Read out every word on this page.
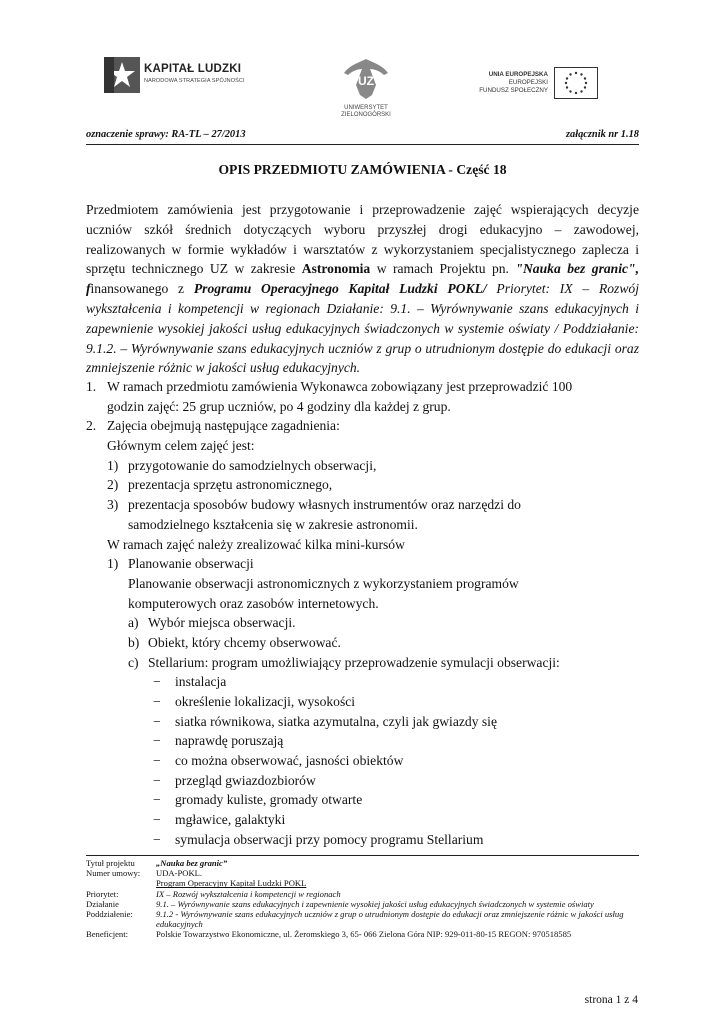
KAPITAŁ LUDZKI
NARODOWA STRATEGIA SPÓJNOŚCI	UZ
UNIWERSYTET
ZIELONOGÓRSKI
UNIA EUROPEJSKA
EUROPEJSKI
FUNDUSZ SPOŁECZNY
oznaczenie sprawy: RA-TL – 27/2013	załącznik nr 1.18
OPIS PRZEDMIOTU ZAMÓWIENIA - Część 18
Przedmiotem zamówienia jest przygotowanie i przeprowadzenie zajęć wspierających decyzje uczniów szkół średnich dotyczących wyboru przyszłej drogi edukacyjno – zawodowej, realizowanych w formie wykładów i warsztatów z wykorzystaniem specjalistycznego zaplecza i sprzętu technicznego UZ w zakresie Astronomia w ramach Projektu pn. "Nauka bez granic", finansowanego z Programu Operacyjnego Kapitał Ludzki POKL/ Priorytet: IX – Rozwój wykształcenia i kompetencji w regionach Działanie: 9.1. – Wyrównywanie szans edukacyjnych i zapewnienie wysokiej jakości usług edukacyjnych świadczonych w systemie oświaty / Poddziałanie: 9.1.2. – Wyrównywanie szans edukacyjnych uczniów z grup o utrudnionym dostępie do edukacji oraz zmniejszenie różnic w jakości usług edukacyjnych.
1. W ramach przedmiotu zamówienia Wykonawca zobowiązany jest przeprowadzić 100
godzin zajęć: 25 grup uczniów, po 4 godziny dla każdej z grup.
2. Zajęcia obejmują następujące zagadnienia:
Głównym celem zajęć jest:
1) przygotowanie do samodzielnych obserwacji,
2) prezentacja sprzętu astronomicznego,
3) prezentacja sposobów budowy własnych instrumentów oraz narzędzi do
samodzielnego kształcenia się w zakresie astronomii.
W ramach zajęć należy zrealizować kilka mini-kursów
1) Planowanie obserwacji
Planowanie obserwacji astronomicznych z wykorzystaniem programów
komputerowych oraz zasobów internetowych.
a) Wybór miejsca obserwacji.
b) Obiekt, który chcemy obserwować.
c) Stellarium: program umożliwiający przeprowadzenie symulacji obserwacji:
− instalacja
− określenie lokalizacji, wysokości
− siatka równikowa, siatka azymutalna, czyli jak gwiazdy się
− naprawdę poruszają
− co można obserwować, jasności obiektów
− przegląd gwiazdozbiorów
− gromady kuliste, gromady otwarte
− mgławice, galaktyki
− symulacja obserwacji przy pomocy programu Stellarium
Tytuł projektu „Nauka bez granic”
Numer umowy: UDA-POKL.
Program Operacyjny Kapitał Ludzki POKL
Priorytet:	IX – Rozwój wykształcenia i kompetencji w regionach
Działanie	9.1. – Wyrównywanie szans edukacyjnych i zapewnienie wysokiej jakości usług edukacyjnych świadczonych w systemie oświaty
Poddziałenie:	9.1.2 - Wyrównywanie szans edukacyjnych uczniów z grup o utrudnionym dostępie do edukacji oraz zmniejszenie różnic w jakości usług edukacyjnych
Beneficjent:	Polskie Towarzystwo Ekonomiczne, ul. Żeromskiego 3, 65- 066 Zielona Góra NIP: 929-011-80-15 REGON: 970518585
strona 1 z 4
